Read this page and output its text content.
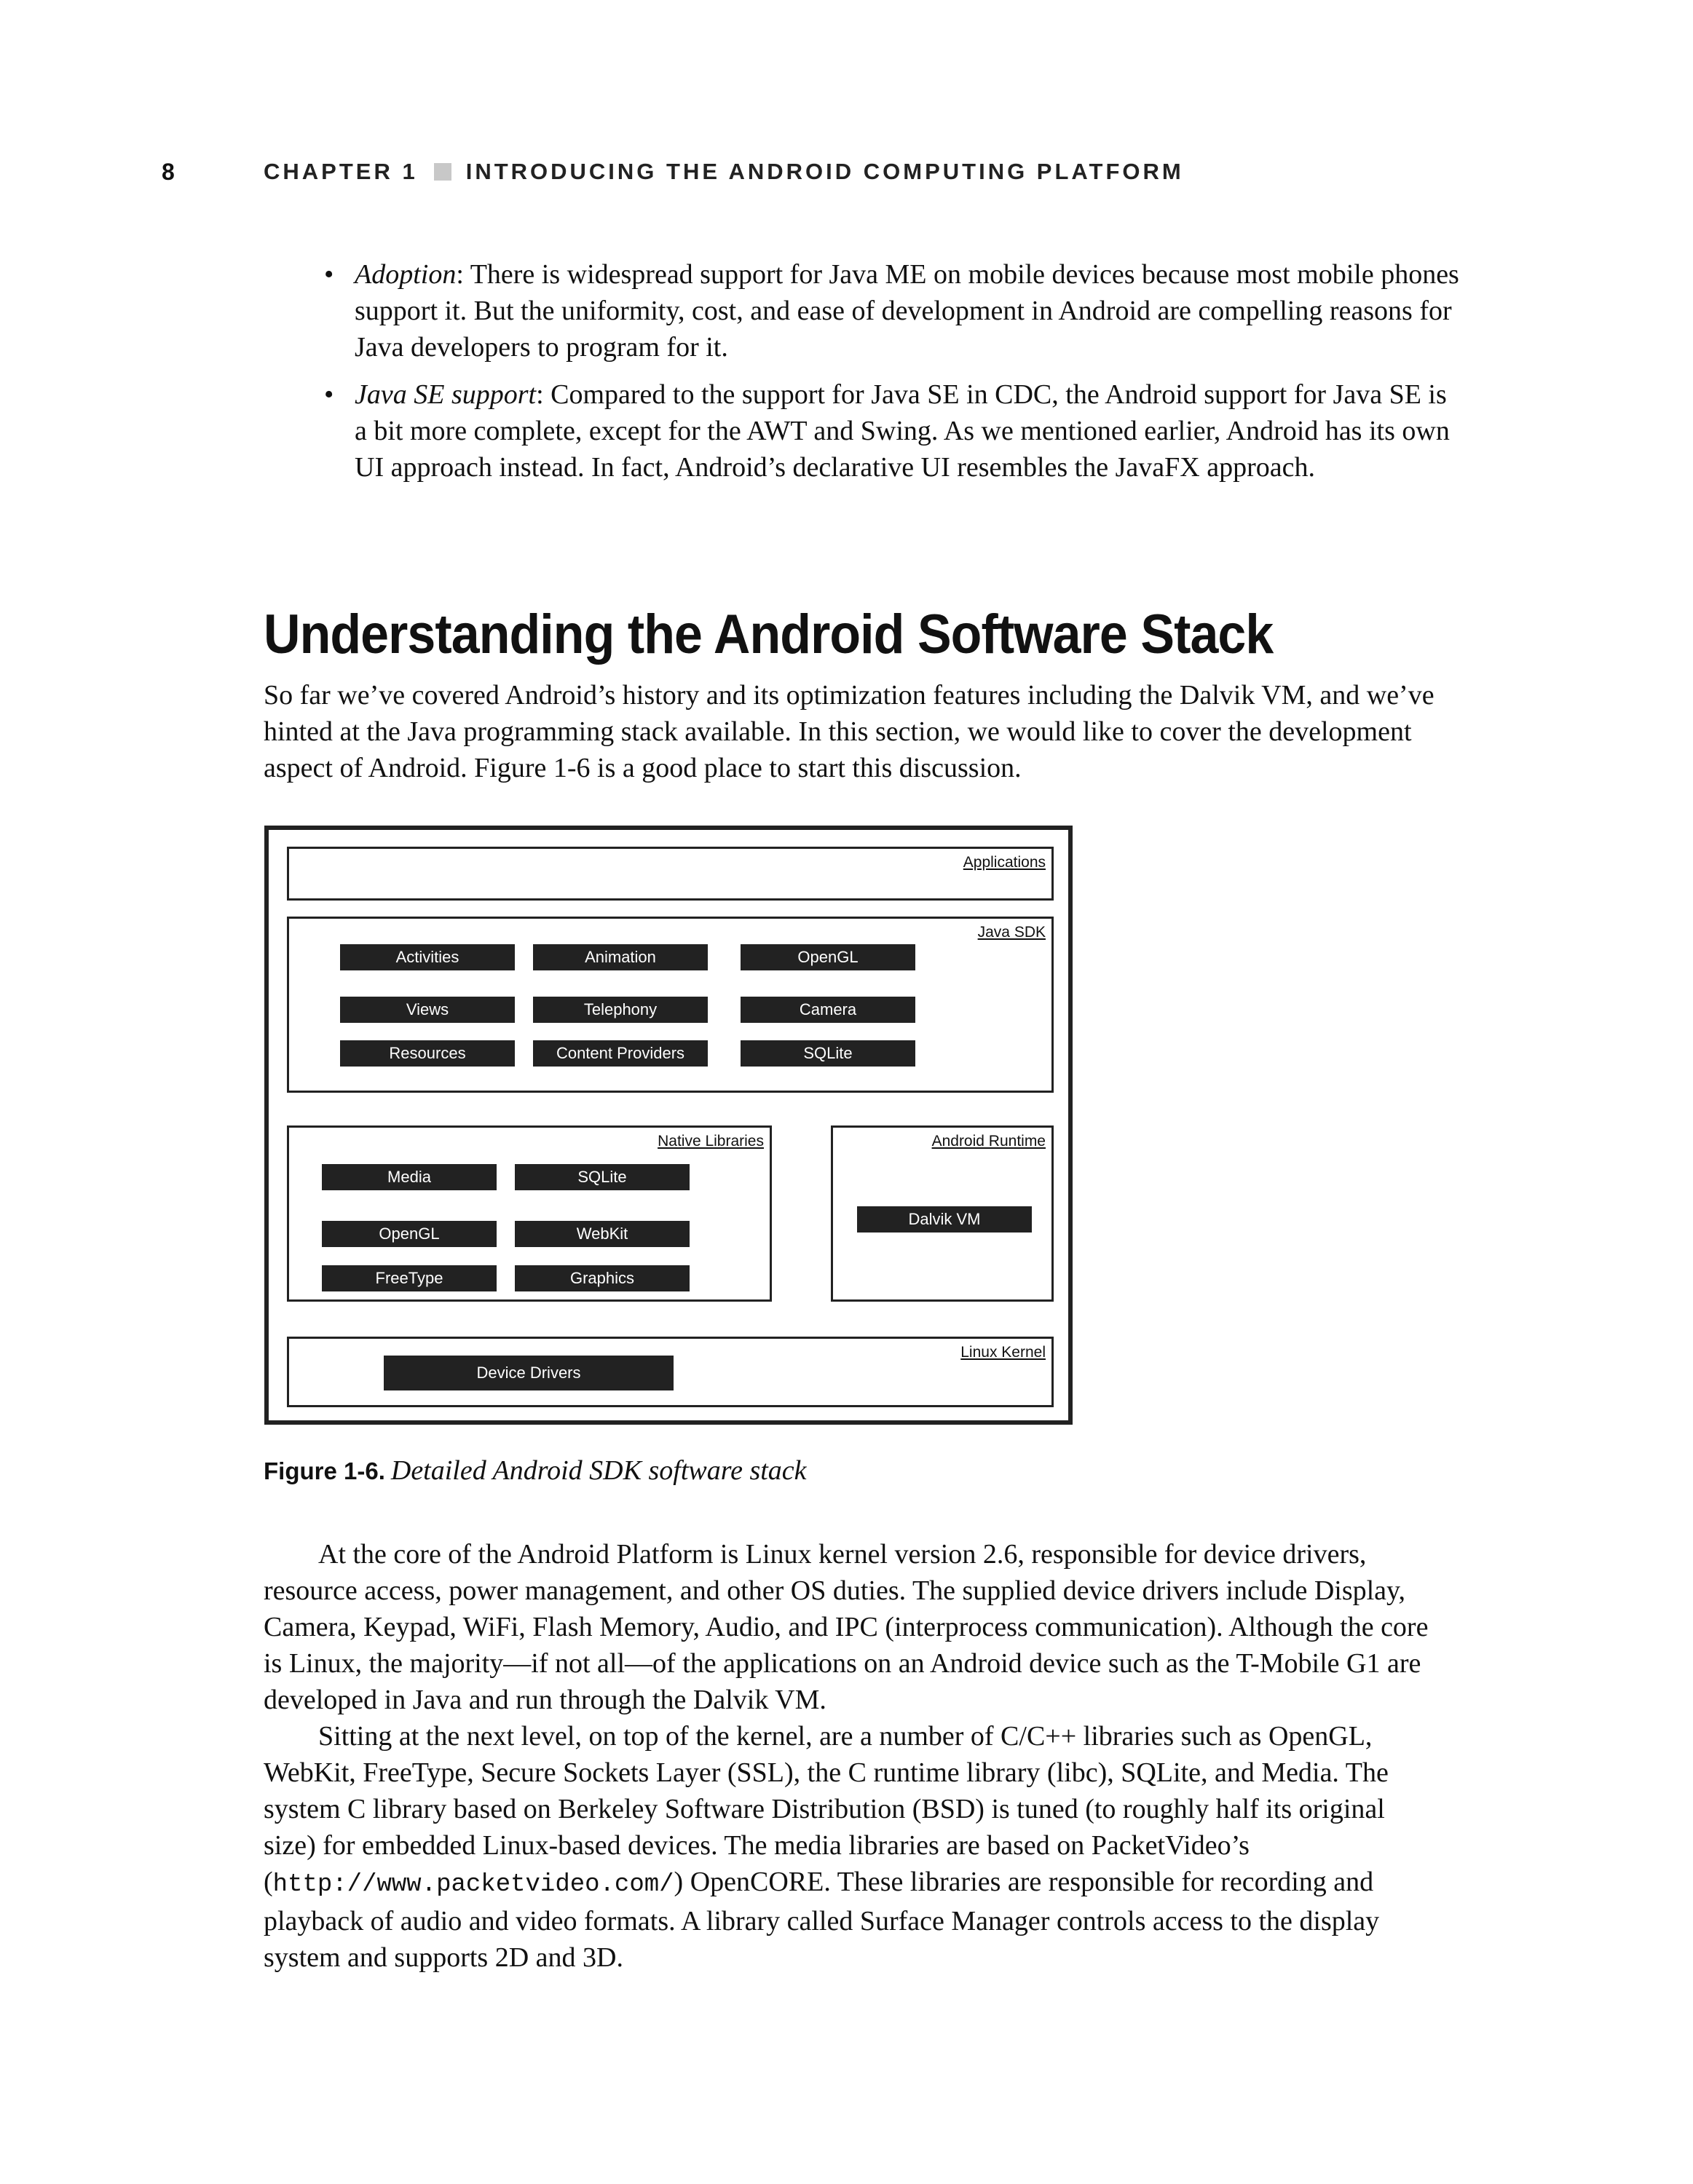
8	CHAPTER 1 INTRODUCING THE ANDROID COMPUTING PLATFORM
• Adoption: There is widespread support for Java ME on mobile devices because most mobile phones support it. But the uniformity, cost, and ease of development in Android are compelling reasons for Java developers to program for it.

• Java SE support: Compared to the support for Java SE in CDC, the Android support for Java SE is a bit more complete, except for the AWT and Swing. As we mentioned earlier, Android has its own UI approach instead. In fact, Android’s declarative UI resembles the JavaFX approach.

Understanding the Android Software Stack

So far we’ve covered Android’s history and its optimization features including the Dalvik VM, and we’ve hinted at the Java programming stack available. In this section, we would like to cover the development aspect of Android. Figure 1-6 is a good place to start this discussion.

Applications
Java SDK
Activities	Animation	OpenGL
Views	Telephony	Camera
Resources	Content Providers	SQLite
Native Libraries
Media	SQLite
OpenGL	WebKit
FreeType	Graphics
Android Runtime
Dalvik VM
Linux Kernel
Device Drivers
Figure 1-6. Detailed Android SDK software stack

At the core of the Android Platform is Linux kernel version 2.6, responsible for device drivers, resource access, power management, and other OS duties. The supplied device drivers include Display, Camera, Keypad, WiFi, Flash Memory, Audio, and IPC (interprocess communication). Although the core is Linux, the majority—if not all—of the applications on an Android device such as the T-Mobile G1 are developed in Java and run through the Dalvik VM.

Sitting at the next level, on top of the kernel, are a number of C/C++ libraries such as OpenGL, WebKit, FreeType, Secure Sockets Layer (SSL), the C runtime library (libc), SQLite, and Media. The system C library based on Berkeley Software Distribution (BSD) is tuned (to roughly half its original size) for embedded Linux-based devices. The media libraries are based on PacketVideo’s (http://www.packetvideo.com/) OpenCORE. These libraries are responsible for recording and playback of audio and video formats. A library called Surface Manager controls access to the display system and supports 2D and 3D.
